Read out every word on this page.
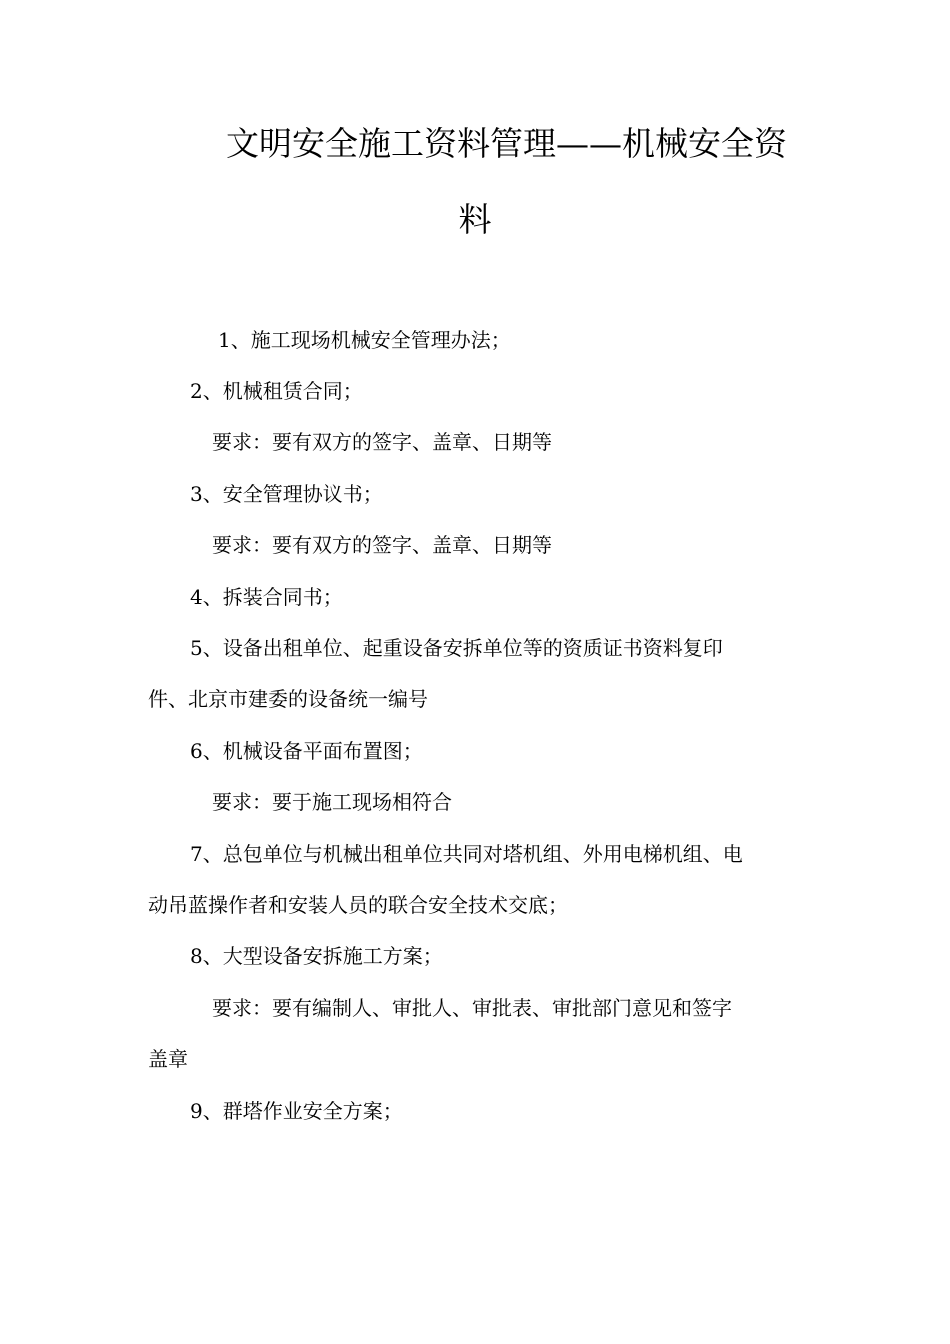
文明安全施工资料管理——机械安全资
料
1、施工现场机械安全管理办法；
2、机械租赁合同；
要求：要有双方的签字、盖章、日期等
3、安全管理协议书；
要求：要有双方的签字、盖章、日期等
4、拆装合同书；
5、设备出租单位、起重设备安拆单位等的资质证书资料复印
件、北京市建委的设备统一编号
6、机械设备平面布置图；
要求：要于施工现场相符合
7、总包单位与机械出租单位共同对塔机组、外用电梯机组、电
动吊蓝操作者和安装人员的联合安全技术交底；
8、大型设备安拆施工方案；
要求：要有编制人、审批人、审批表、审批部门意见和签字
盖章
9、群塔作业安全方案；
